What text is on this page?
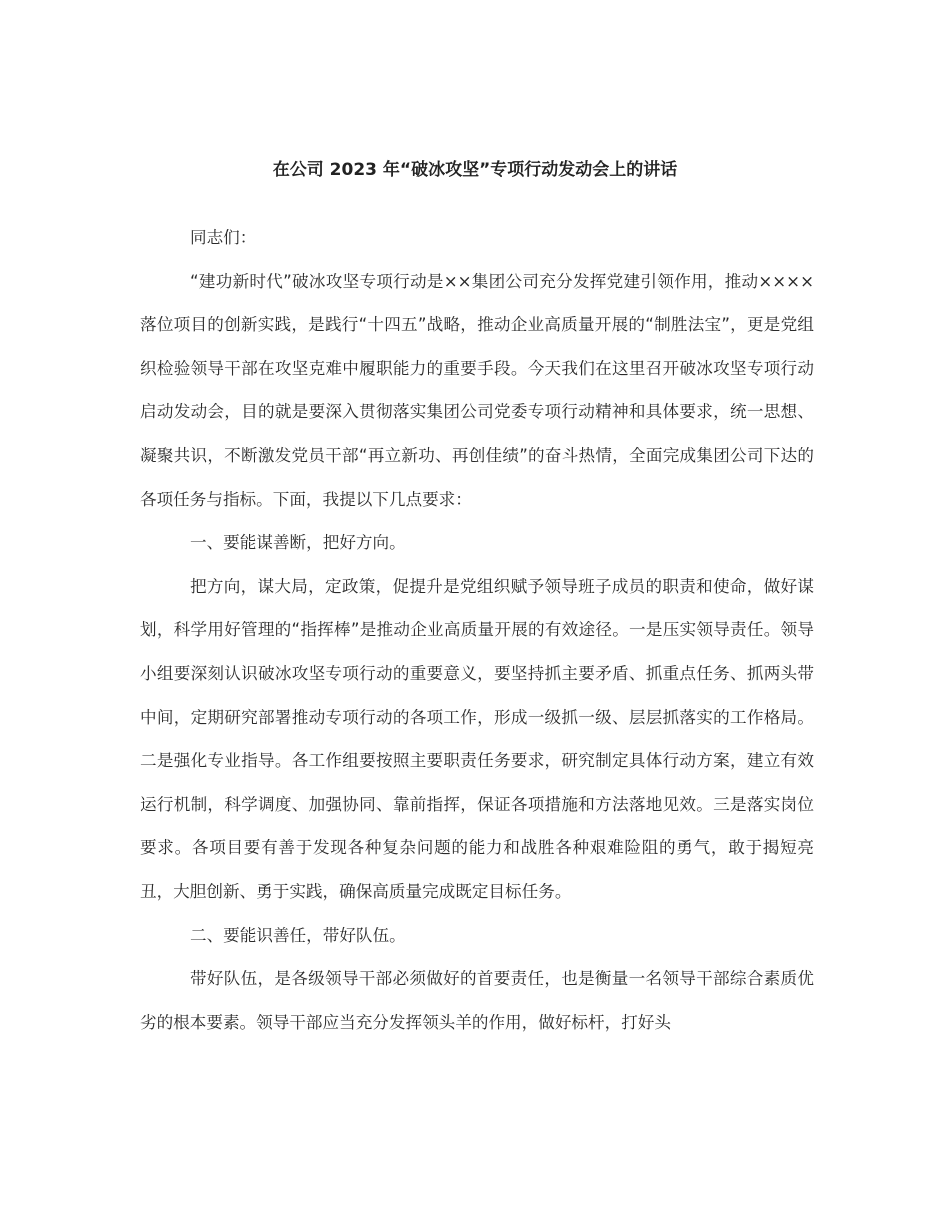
在公司 2023 年“破冰攻坚”专项行动发动会上的讲话

同志们：

“建功新时代”破冰攻坚专项行动是××集团公司充分发挥党建引领作用，推动××××落位项目的创新实践，是践行“十四五”战略，推动企业高质量开展的“制胜法宝”，更是党组织检验领导干部在攻坚克难中履职能力的重要手段。今天我们在这里召开破冰攻坚专项行动启动发动会，目的就是要深入贯彻落实集团公司党委专项行动精神和具体要求，统一思想、凝聚共识，不断激发党员干部“再立新功、再创佳绩”的奋斗热情，全面完成集团公司下达的各项任务与指标。下面，我提以下几点要求：

一、要能谋善断，把好方向。

把方向，谋大局，定政策，促提升是党组织赋予领导班子成员的职责和使命，做好谋划，科学用好管理的“指挥棒”是推动企业高质量开展的有效途径。一是压实领导责任。领导小组要深刻认识破冰攻坚专项行动的重要意义，要坚持抓主要矛盾、抓重点任务、抓两头带中间，定期研究部署推动专项行动的各项工作，形成一级抓一级、层层抓落实的工作格局。二是强化专业指导。各工作组要按照主要职责任务要求，研究制定具体行动方案，建立有效运行机制，科学调度、加强协同、靠前指挥，保证各项措施和方法落地见效。三是落实岗位要求。各项目要有善于发现各种复杂问题的能力和战胜各种艰难险阻的勇气，敢于揭短亮丑，大胆创新、勇于实践，确保高质量完成既定目标任务。

二、要能识善任，带好队伍。

带好队伍，是各级领导干部必须做好的首要责任，也是衡量一名领导干部综合素质优劣的根本要素。领导干部应当充分发挥领头羊的作用，做好标杆，打好头
